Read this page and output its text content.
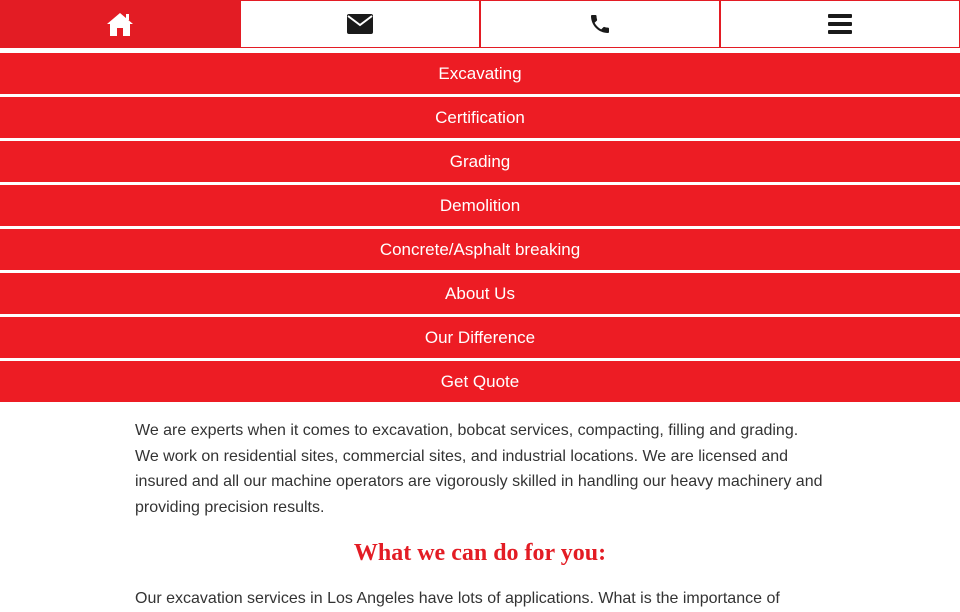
Excavating
Certification
Grading
Demolition
Concrete/Asphalt breaking
About Us
Our Difference
Get Quote

We are experts when it comes to excavation, bobcat services, compacting, filling and grading. We work on residential sites, commercial sites, and industrial locations. We are licensed and insured and all our machine operators are vigorously skilled in handling our heavy machinery and providing precision results.

What we can do for you:

Our excavation services in Los Angeles have lots of applications. What is the importance of
